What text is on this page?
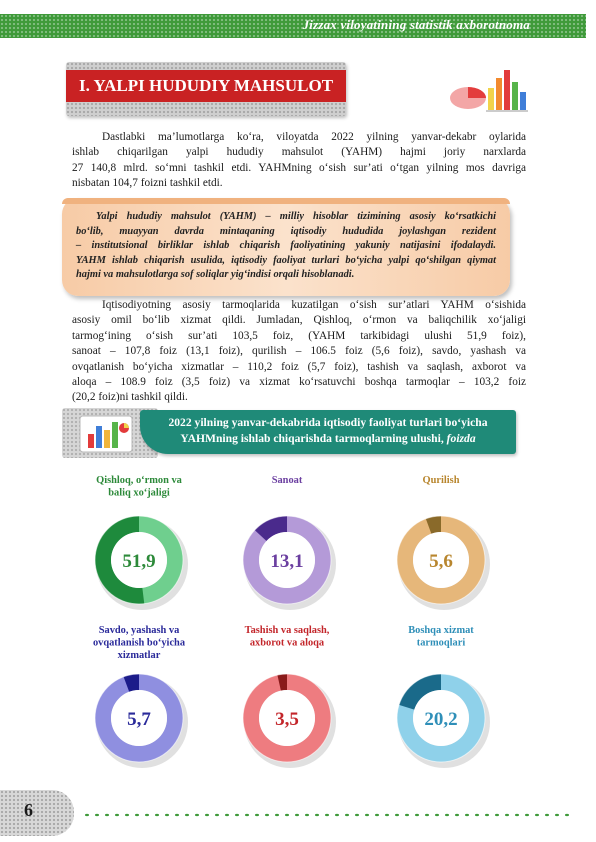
Jizzax viloyatining statistik axborotnoma
I. YALPI HUDUDIY MAHSULOT
Dastlabki ma’lumotlarga ko‘ra, viloyatda 2022 yilning yanvar-dekabr oylarida
ishlab chiqarilgan yalpi hududiy mahsulot (YAHM) hajmi joriy narxlarda
27 140,8 mlrd. so‘mni tashkil etdi. YAHMning o‘sish sur’ati o‘tgan yilning mos davriga
nisbatan 104,7 foizni tashkil etdi.
Yalpi hududiy mahsulot (YAHM) – milliy hisoblar tizimining asosiy ko‘rsatkichi
bo‘lib, muayyan davrda mintaqaning iqtisodiy hududida joylashgan rezident
– institutsional birliklar ishlab chiqarish faoliyatining yakuniy natijasini ifodalaydi.
YAHM ishlab chiqarish usulida, iqtisodiy faoliyat turlari bo‘yicha yalpi qo‘shilgan qiymat
hajmi va mahsulotlarga sof soliqlar yig‘indisi orqali hisoblanadi.
Iqtisodiyotning asosiy tarmoqlarida kuzatilgan o‘sish sur’atlari YAHM o‘sishida
asosiy omil bo‘lib xizmat qildi. Jumladan, Qishloq, o‘rmon va baliqchilik xo‘jaligi
tarmog‘ining o‘sish sur’ati 103,5 foiz, (YAHM tarkibidagi ulushi 51,9 foiz),
sanoat – 107,8 foiz (13,1 foiz), qurilish – 106.5 foiz (5,6 foiz), savdo, yashash va
ovqatlanish bo‘yicha xizmatlar – 110,2 foiz (5,7 foiz), tashish va saqlash, axborot va
aloqa – 108.9 foiz (3,5 foiz) va xizmat ko‘rsatuvchi boshqa tarmoqlar – 103,2 foiz
(20,2 foiz)ni tashkil qildi.
2022 yilning yanvar-dekabrida iqtisodiy faoliyat turlari bo‘yicha
YAHMning ishlab chiqarishda tarmoqlarning ulushi, foizda
51,9
Qishloq, o‘rmon va
baliq xo‘jaligi
13,1
Sanoat
5,6
Qurilish
5,7
Savdo, yashash va
ovqatlanish bo‘yicha
xizmatlar
3,5
Tashish va saqlash,
axborot va aloqa
20,2
Boshqa xizmat
tarmoqlari
6
